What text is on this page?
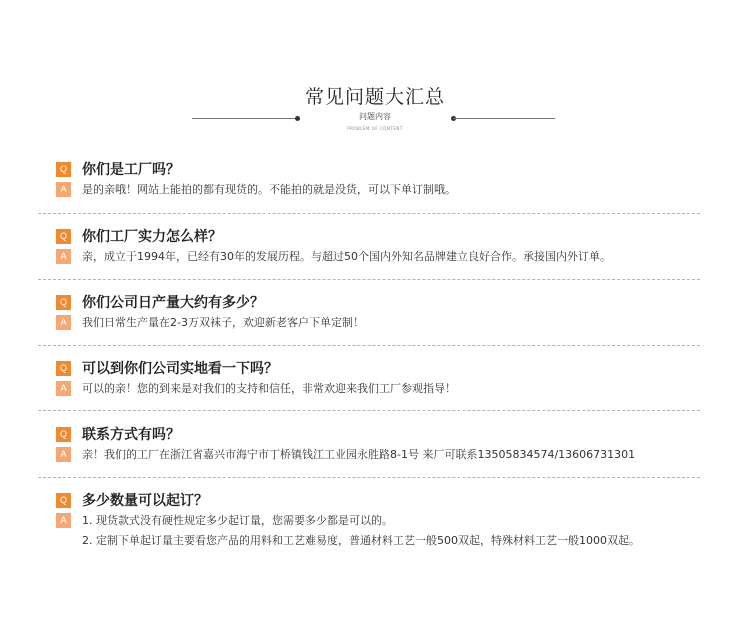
常见问题大汇总
问题内容
PROBLEM OF CONTENT
Q 你们是工厂吗？
A	是的亲哦！网站上能拍的都有现货的。不能拍的就是没货，可以下单订制哦。
Q 你们工厂实力怎么样？
A	亲，成立于1994年，已经有30年的发展历程。与超过50个国内外知名品牌建立良好合作。承接国内外订单。
Q 你们公司日产量大约有多少？
A	我们日常生产量在2-3万双袜子，欢迎新老客户下单定制！
Q 可以到你们公司实地看一下吗？
A	可以的亲！您的到来是对我们的支持和信任，非常欢迎来我们工厂参观指导！
Q 联系方式有吗？
A	亲！我们的工厂在浙江省嘉兴市海宁市丁桥镇钱江工业园永胜路8-1号 来厂可联系13505834574/13606731301
Q 多少数量可以起订？
A	1. 现货款式没有硬性规定多少起订量，您需要多少都是可以的。
2. 定制下单起订量主要看您产品的用料和工艺难易度，普通材料工艺一般500双起，特殊材料工艺一般1000双起。
